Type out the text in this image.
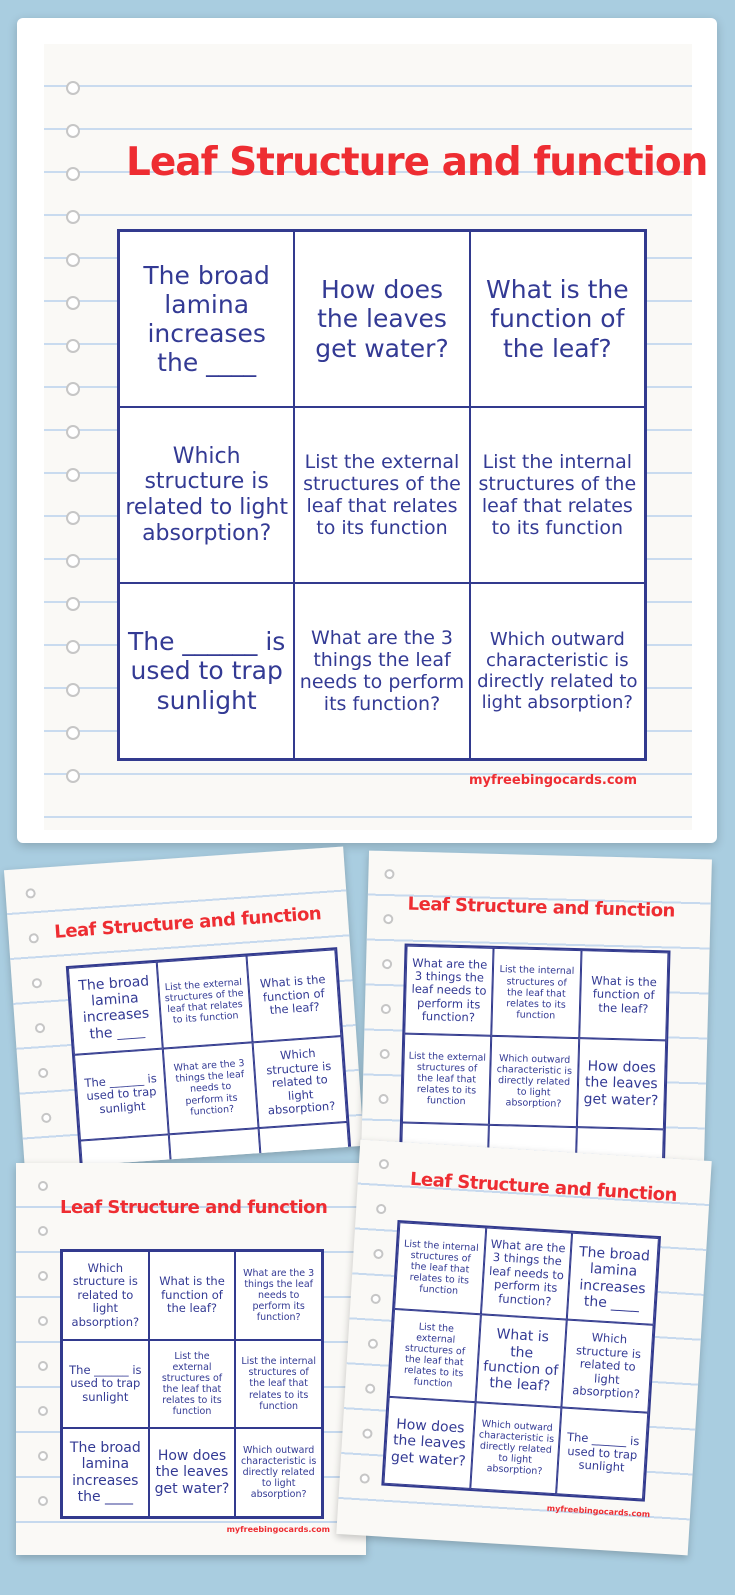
Leaf Structure and function
The broad lamina increases the ____
How does the leaves get water?
What is the function of the leaf?
Which structure is related to light absorption?
List the external structures of the leaf that relates to its function
List the internal structures of the leaf that relates to its function
The ______ is used to trap sunlight
What are the 3 things the leaf needs to perform its function?
Which outward characteristic is directly related to light absorption?
myfreebingocards.com
Leaf Structure and function
The broad lamina increases the ____
List the external structures of the leaf that relates to its function
What is the function of the leaf?
The ______ is used to trap sunlight
What are the 3 things the leaf needs to perform its function?
Which structure is related to light absorption?
Leaf Structure and function
What are the 3 things the leaf needs to perform its function?
List the internal structures of the leaf that relates to its function
What is the function of the leaf?
List the external structures of the leaf that relates to its function
Which outward characteristic is directly related to light absorption?
How does the leaves get water?
Leaf Structure and function
Which structure is related to light absorption?
What is the function of the leaf?
What are the 3 things the leaf needs to perform its function?
The ______ is used to trap sunlight
List the external structures of the leaf that relates to its function
List the internal structures of the leaf that relates to its function
The broad lamina increases the ____
How does the leaves get water?
Which outward characteristic is directly related to light absorption?
myfreebingocards.com
Leaf Structure and function
List the internal structures of the leaf that relates to its function
What are the 3 things the leaf needs to perform its function?
The broad lamina increases the ____
List the external structures of the leaf that relates to its function
What is the function of the leaf?
Which structure is related to light absorption?
How does the leaves get water?
Which outward characteristic is directly related to light absorption?
The ______ is used to trap sunlight
myfreebingocards.com
